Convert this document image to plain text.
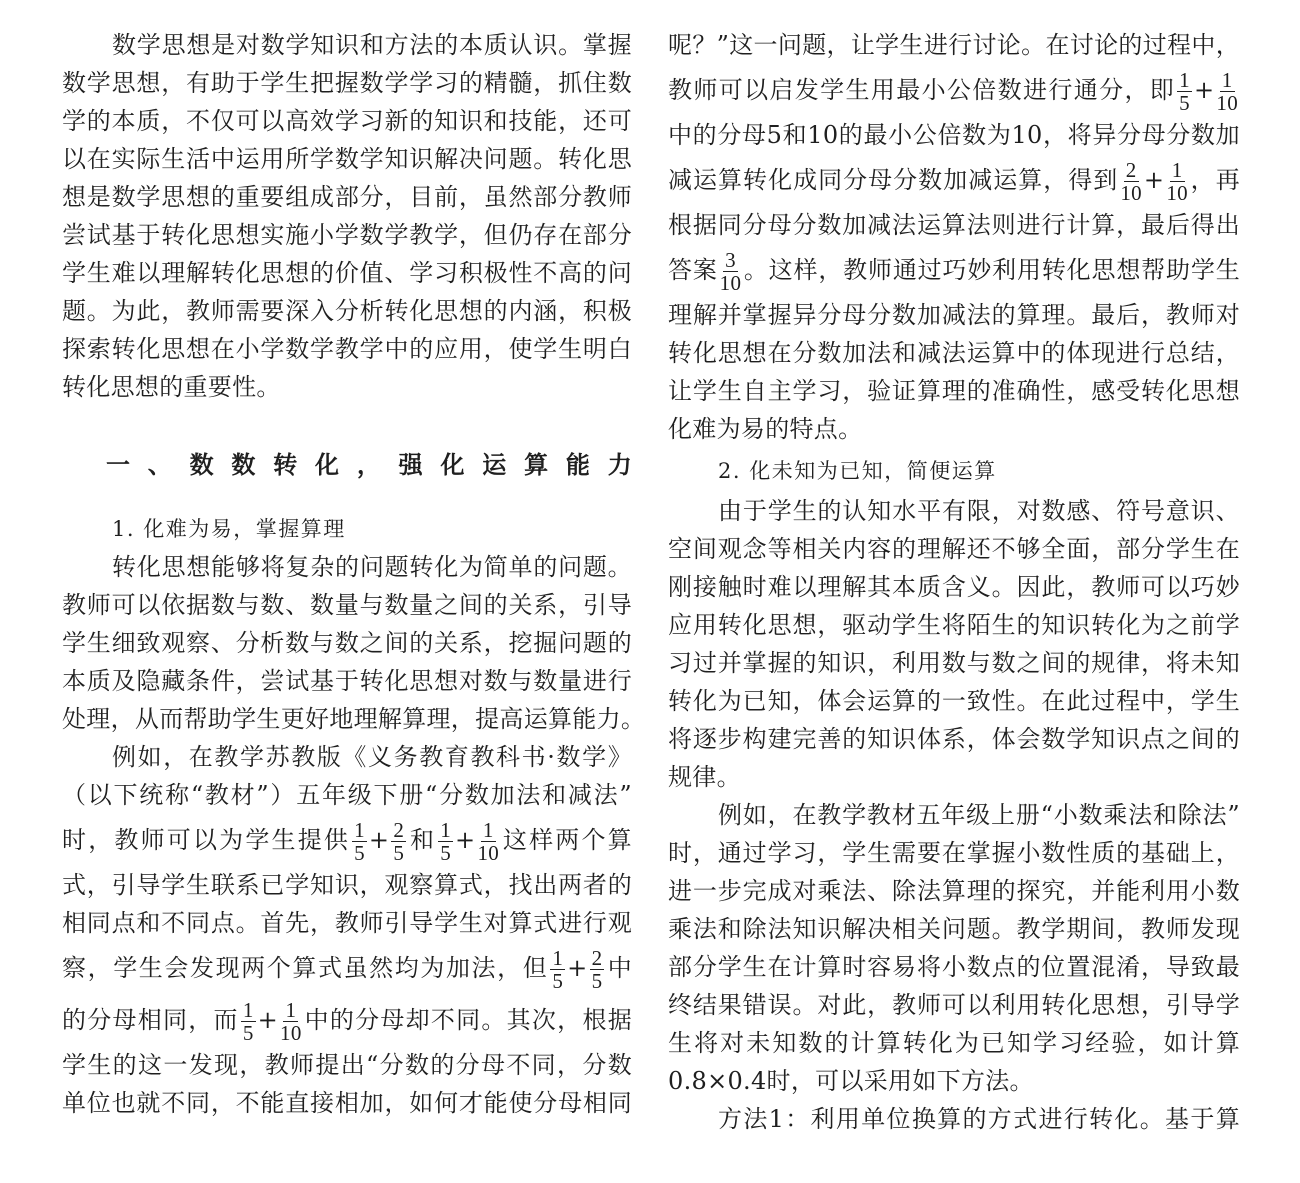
数学思想是对数学知识和方法的本质认识。掌握
数学思想，有助于学生把握数学学习的精髓，抓住数
学的本质，不仅可以高效学习新的知识和技能，还可
以在实际生活中运用所学数学知识解决问题。转化思
想是数学思想的重要组成部分，目前，虽然部分教师
尝试基于转化思想实施小学数学教学，但仍存在部分
学生难以理解转化思想的价值、学习积极性不高的问
题。为此，教师需要深入分析转化思想的内涵，积极
探索转化思想在小学数学教学中的应用，使学生明白
转化思想的重要性。
一、数数转化，强化运算能力
1. 化难为易，掌握算理
转化思想能够将复杂的问题转化为简单的问题。
教师可以依据数与数、数量与数量之间的关系，引导
学生细致观察、分析数与数之间的关系，挖掘问题的
本质及隐藏条件，尝试基于转化思想对数与数量进行
处理，从而帮助学生更好地理解算理，提高运算能力。
例如，在教学苏教版《义务教育教科书·数学》
（以下统称“教材”）五年级下册“分数加法和减法”
时，教师可以为学生提供 $\frac{1}{5} + \frac{2}{5}$ 和 $\frac{1}{5} + \frac{1}{10}$ 这样两个算
式，引导学生联系已学知识，观察算式，找出两者的
相同点和不同点。首先，教师引导学生对算式进行观
察，学生会发现两个算式虽然均为加法，但 $\frac{1}{5} + \frac{2}{5}$ 中
的分母相同，而 $\frac{1}{5} + \frac{1}{10}$ 中的分母却不同。其次，根据
学生的这一发现，教师提出“分数的分母不同，分数
单位也就不同，不能直接相加，如何才能使分母相同
呢？”这一问题，让学生进行讨论。在讨论的过程中，
教师可以启发学生用最小公倍数进行通分，即 $\frac{1}{5} + \frac{1}{10}$
中的分母5和10的最小公倍数为10，将异分母分数加
减运算转化成同分母分数加减运算，得到 $\frac{2}{10} + \frac{1}{10}$ ，再
根据同分母分数加减法运算法则进行计算，最后得出
答案 $\frac{3}{10}$ 。这样，教师通过巧妙利用转化思想帮助学生
理解并掌握异分母分数加减法的算理。最后，教师对
转化思想在分数加法和减法运算中的体现进行总结，
让学生自主学习，验证算理的准确性，感受转化思想
化难为易的特点。
2. 化未知为已知，简便运算
由于学生的认知水平有限，对数感、符号意识、
空间观念等相关内容的理解还不够全面，部分学生在
刚接触时难以理解其本质含义。因此，教师可以巧妙
应用转化思想，驱动学生将陌生的知识转化为之前学
习过并掌握的知识，利用数与数之间的规律，将未知
转化为已知，体会运算的一致性。在此过程中，学生
将逐步构建完善的知识体系，体会数学知识点之间的
规律。
例如，在教学教材五年级上册“小数乘法和除法”
时，通过学习，学生需要在掌握小数性质的基础上，
进一步完成对乘法、除法算理的探究，并能利用小数
乘法和除法知识解决相关问题。教学期间，教师发现
部分学生在计算时容易将小数点的位置混淆，导致最
终结果错误。对此，教师可以利用转化思想，引导学
生将对未知数的计算转化为已知学习经验，如计算
0.8×0.4时，可以采用如下方法。
方法1：利用单位换算的方式进行转化。基于算
